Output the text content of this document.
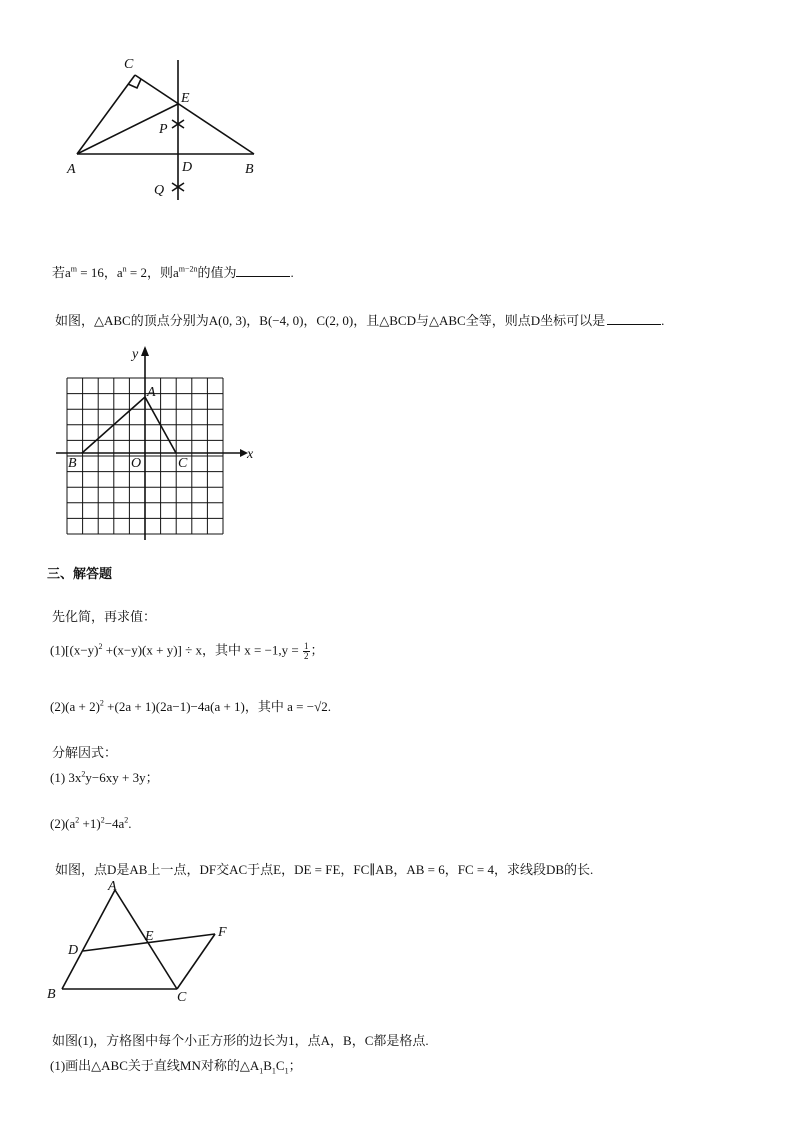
C
E
P
A	D	B
Q
若$a^m = 16$，$a^n = 2$，则$a^{m-2n}$的值为	.
如图，△ABC的顶点分别为A(0, 3)，B(−4, 0)，C(2, 0)，且△BCD与△ABC全等，则点D坐标可以是	.
y
x
A
B	O	C
三、解答题
先化简，再求值：
$(1)[(x-y)^2 +(x-y)(x + y)] \div x$，其中 $x = -1,y = \frac{1}{2}$ ；
$(2)(a + 2)^2 +(2a + 1)(2a-1)-4a(a + 1)$，其中 a = −√2.
分解因式：
(1) $3x^2y-6xy + 3y$；
$(2)(a^2 +1)^2-4a^2$.
如图，点D是AB上一点，DF交AC于点E，DE = FE，FC∥AB，AB = 6，FC = 4，求线段DB的长.
A
D
E	F
B	C
如图(1)，方格图中每个小正方形的边长为1，点A，B，C都是格点.
(1)画出△ABC关于直线MN对称的$\triangle A_1B_1C_1$；
